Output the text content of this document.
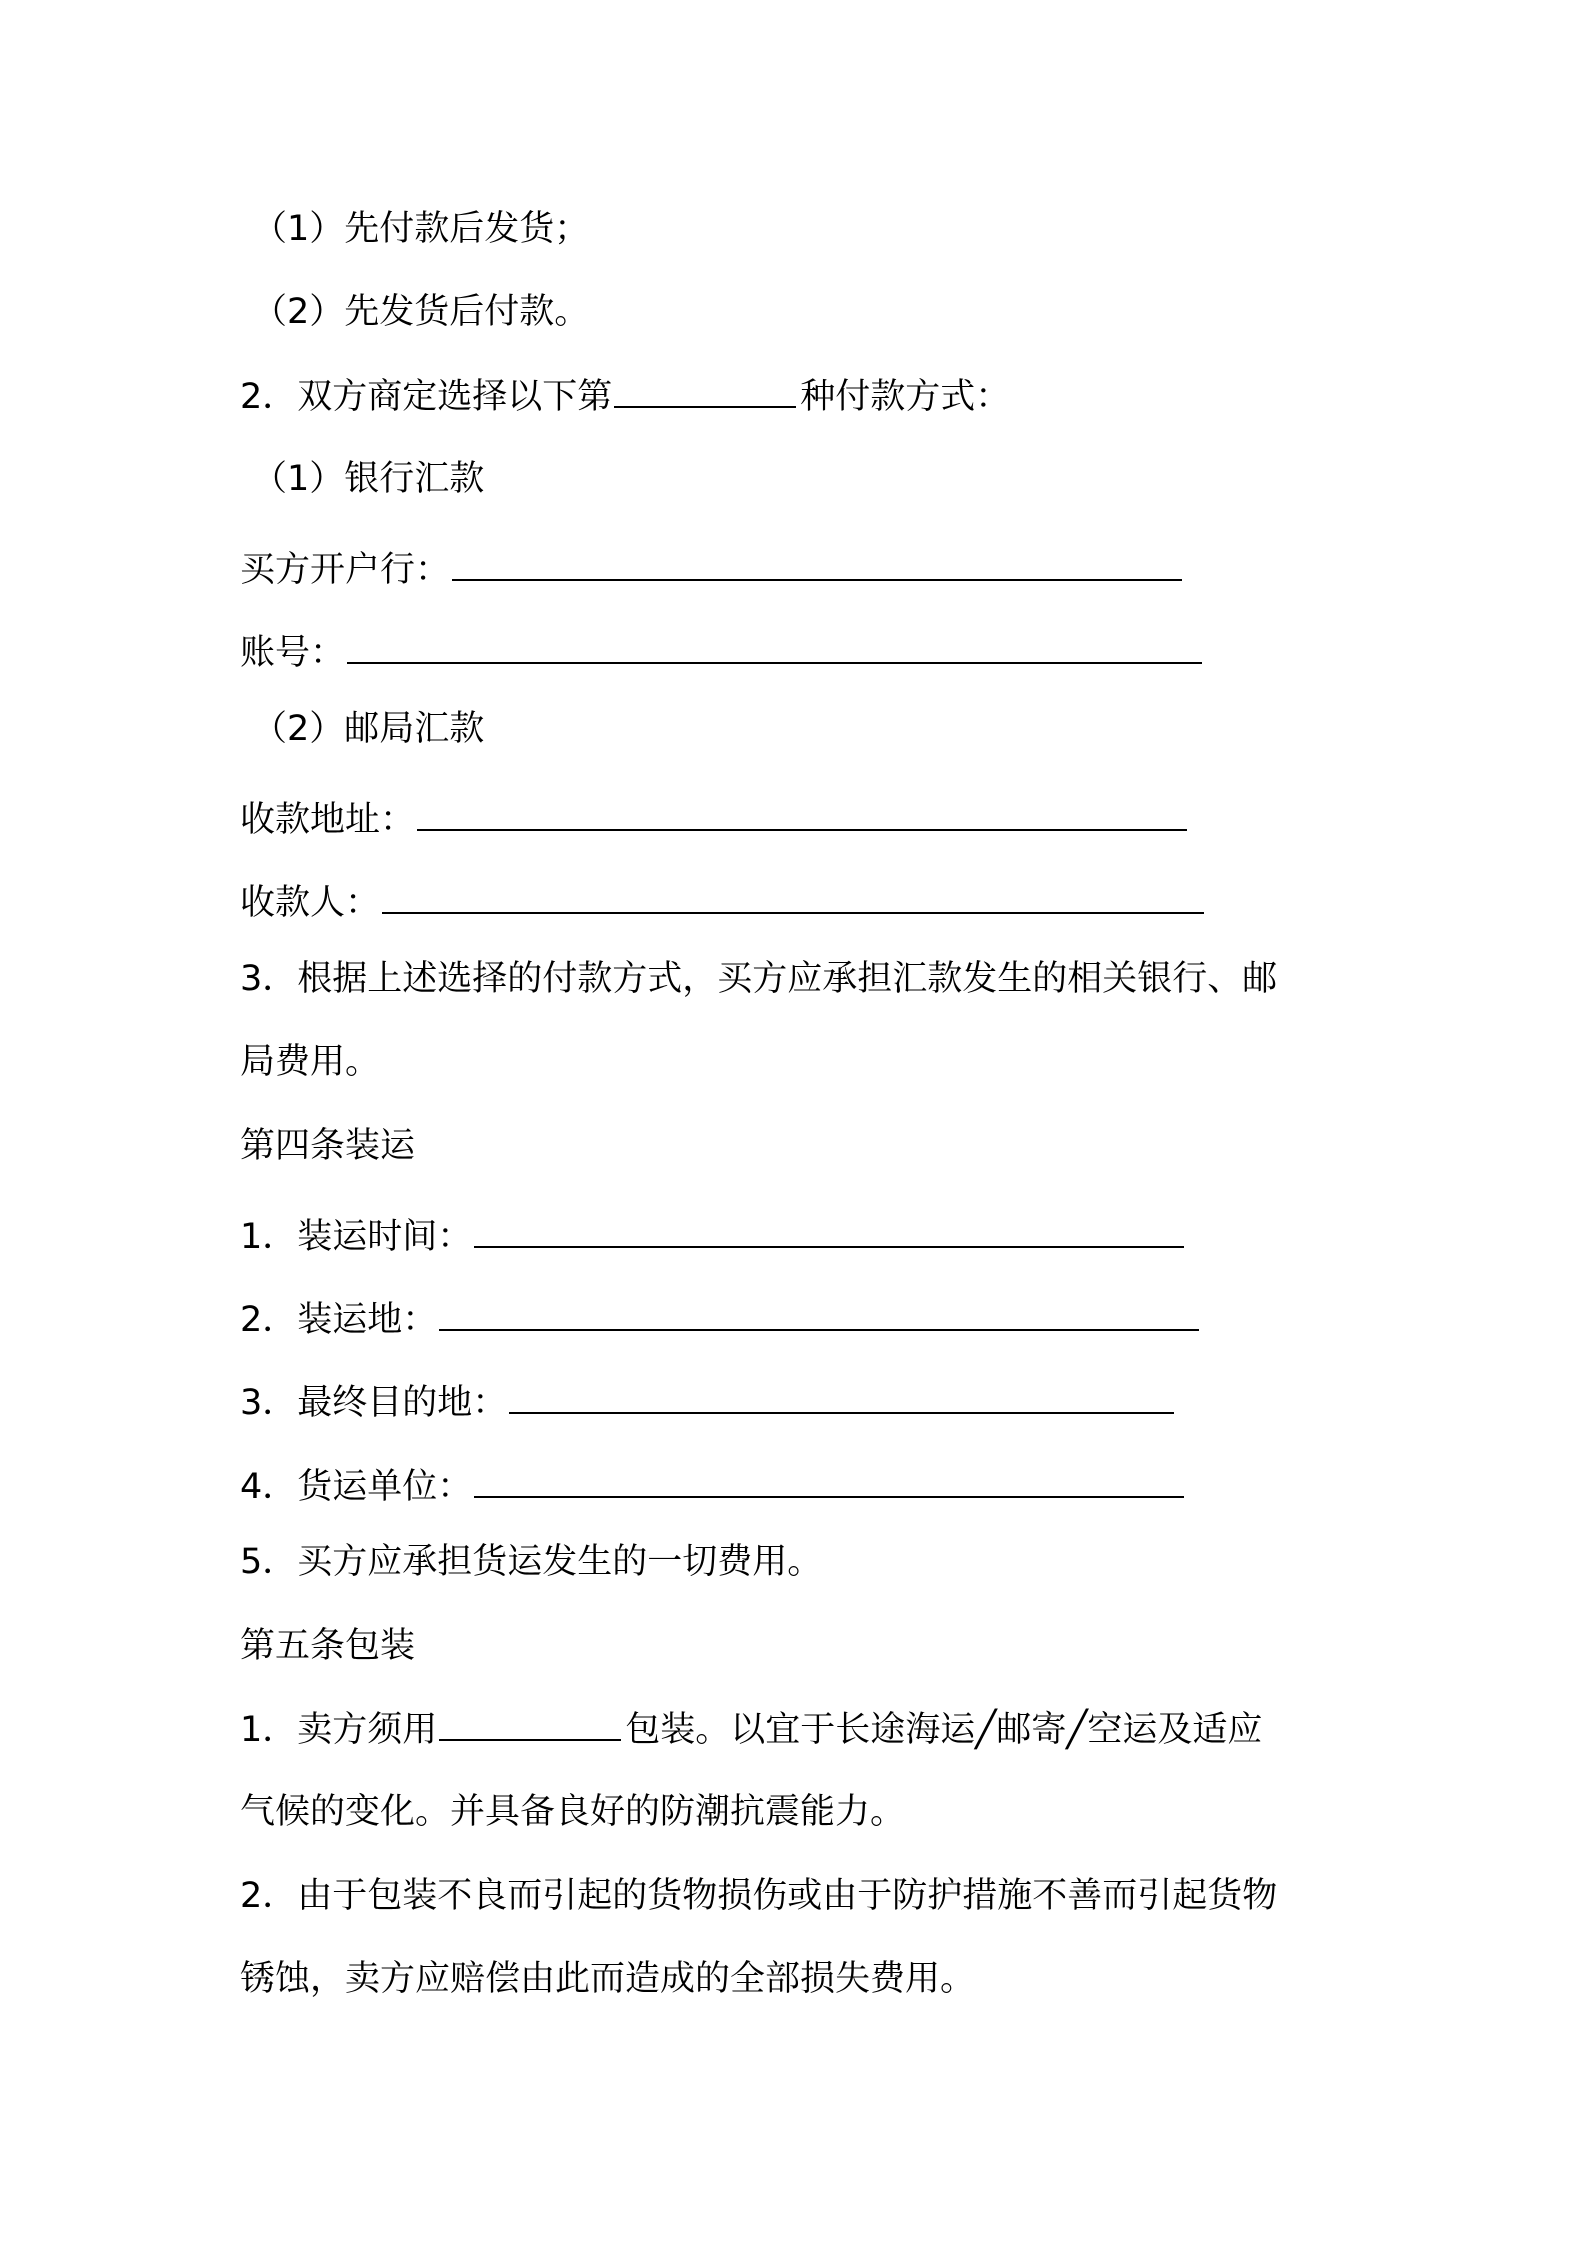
（1）先付款后发货；
（2）先发货后付款。
2．双方商定选择以下第	种付款方式：
（1）银行汇款
买方开户行：
账号：
（2）邮局汇款
收款地址：
收款人：
3．根据上述选择的付款方式，买方应承担汇款发生的相关银行、邮
局费用。
第四条装运
1．装运时间：
2．装运地：
3．最终目的地：
4．货运单位：
5．买方应承担货运发生的一切费用。
第五条包装
1．卖方须用	包装。以宜于长途海运╱邮寄╱空运及适应
气候的变化。并具备良好的防潮抗震能力。
2．由于包装不良而引起的货物损伤或由于防护措施不善而引起货物
锈蚀，卖方应赔偿由此而造成的全部损失费用。
